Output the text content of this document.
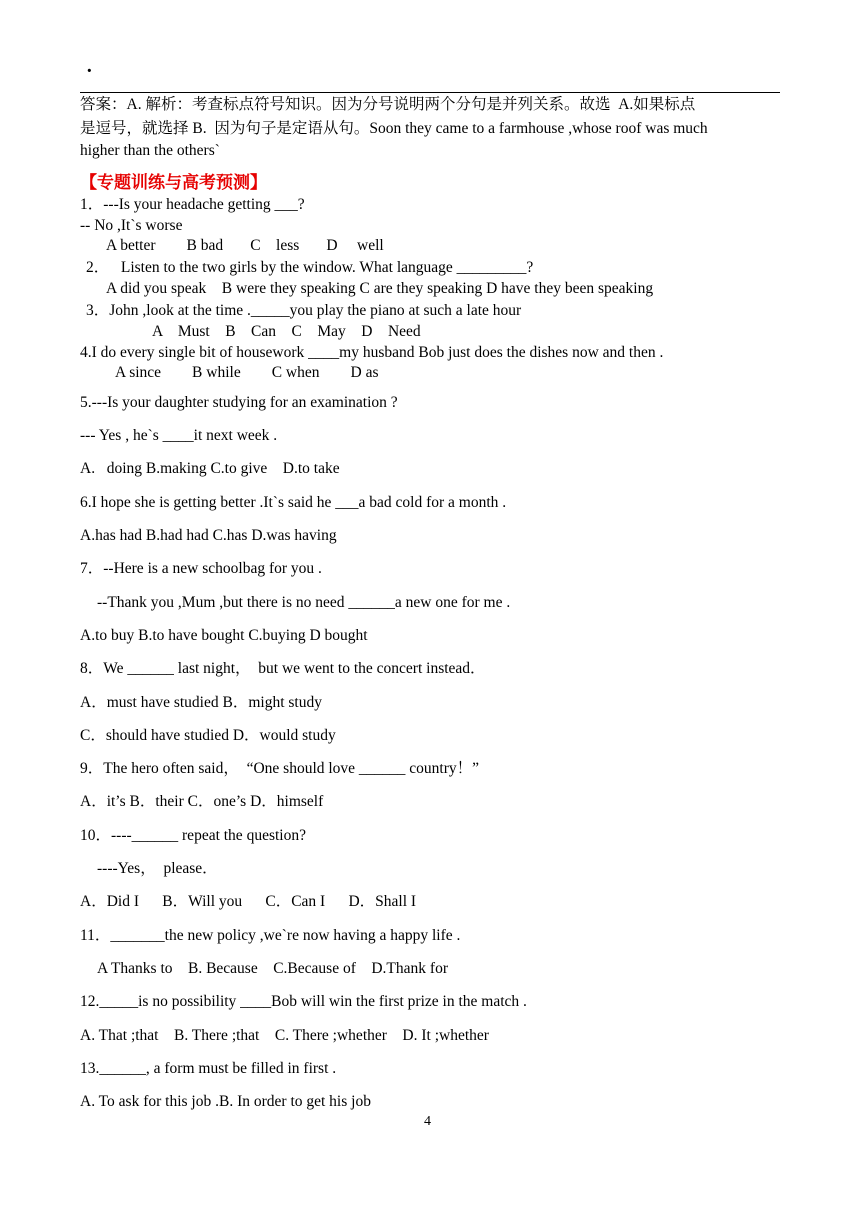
·
答案：A. 解析：考查标点符号知识。因为分号说明两个分句是并列关系。故选  A.如果标点
是逗号，就选择 B.  因为句子是定语从句。Soon they came to a farmhouse ,whose roof was much
higher than the others`
【专题训练与高考预测】
1．---Is your headache getting ___?
-- No ,It`s worse
A better        B bad       C    less       D     well
2．   Listen to the two girls by the window. What language _________?
A did you speak    B were they speaking C are they speaking D have they been speaking
3．John ,look at the time ._____you play the piano at such a late hour
A    Must    B    Can    C    May    D    Need
4.I do every single bit of housework ____my husband Bob just does the dishes now and then .
A since        B while        C when        D as
5.---Is your daughter studying for an examination ?
--- Yes , he`s ____it next week .
A.   doing B.making C.to give    D.to take
6.I hope she is getting better .It`s said he ___a bad cold for a month .
A.has had B.had had C.has D.was having
7．--Here is a new schoolbag for you .
--Thank you ,Mum ,but there is no need ______a new one for me .
A.to buy B.to have bought C.buying D bought
8．We ______ last night，  but we went to the concert instead．
A．must have studied B．might study
C．should have studied D．would study
9．The hero often said，  “One should love ______ country！”
A．it’s B．their C．one’s D．himself
10．----______ repeat the question?
----Yes，  please．
A．Did I      B．Will you      C．Can I      D．Shall I
11．_______the new policy ,we`re now having a happy life .
A Thanks to    B. Because    C.Because of    D.Thank for
12._____is no possibility ____Bob will win the first prize in the match .
A. That ;that    B. There ;that    C. There ;whether    D. It ;whether
13.______, a form must be filled in first .
A. To ask for this job .B. In order to get his job
4
